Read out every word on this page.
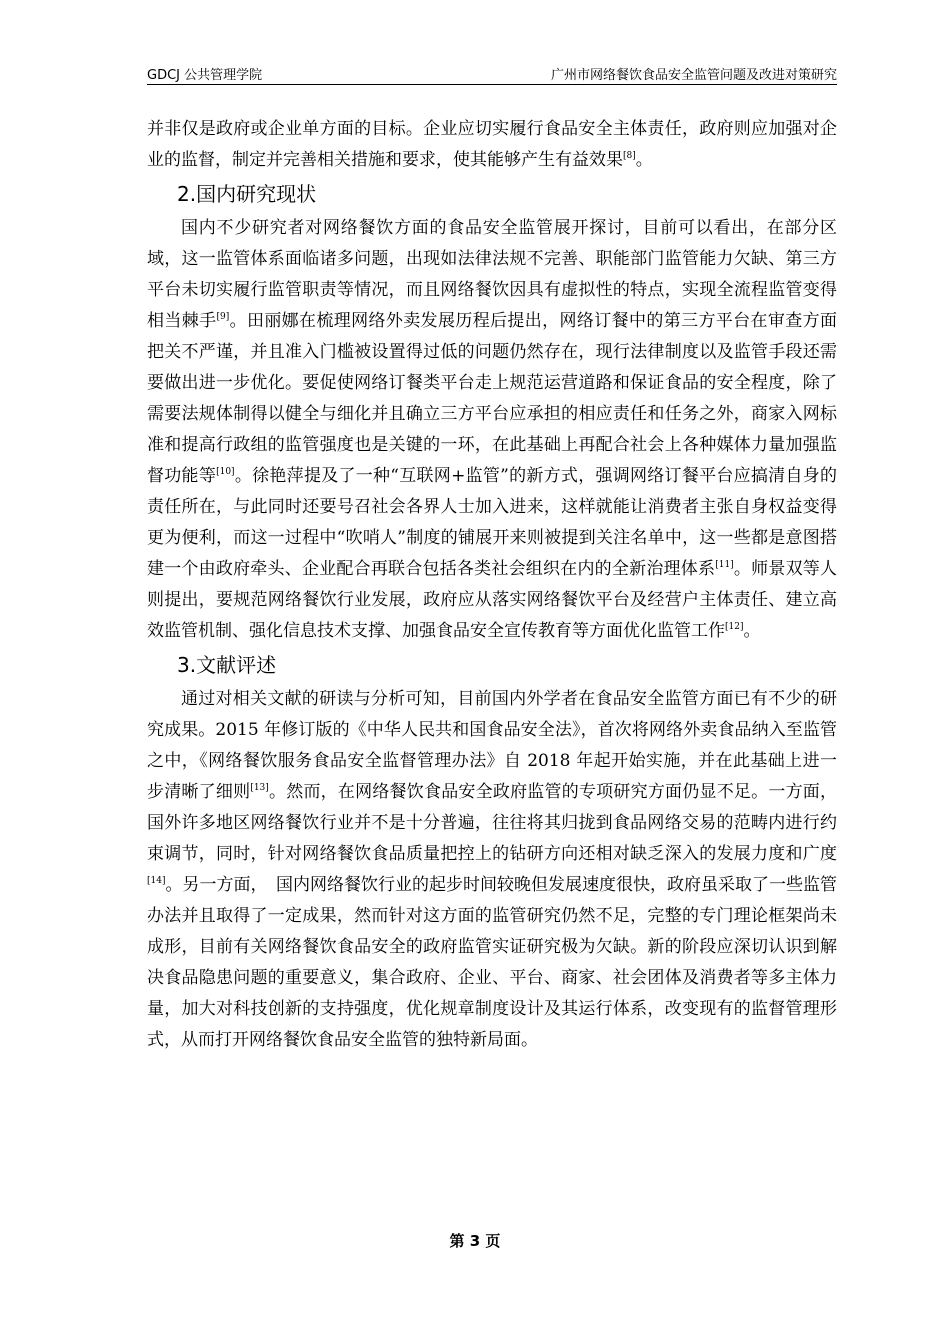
GDCJ 公共管理学院	广州市网络餐饮食品安全监管问题及改进对策研究

并非仅是政府或企业单方面的目标。企业应切实履行食品安全主体责任，政府则应加强对企业的监督，制定并完善相关措施和要求，使其能够产生有益效果[8]。

2.国内研究现状

国内不少研究者对网络餐饮方面的食品安全监管展开探讨，目前可以看出，在部分区域，这一监管体系面临诸多问题，出现如法律法规不完善、职能部门监管能力欠缺、第三方平台未切实履行监管职责等情况，而且网络餐饮因具有虚拟性的特点，实现全流程监管变得相当棘手[9]。田丽娜在梳理网络外卖发展历程后提出，网络订餐中的第三方平台在审查方面把关不严谨，并且准入门槛被设置得过低的问题仍然存在，现行法律制度以及监管手段还需要做出进一步优化。要促使网络订餐类平台走上规范运营道路和保证食品的安全程度，除了需要法规体制得以健全与细化并且确立三方平台应承担的相应责任和任务之外，商家入网标准和提高行政组的监管强度也是关键的一环，在此基础上再配合社会上各种媒体力量加强监督功能等[10]。徐艳萍提及了一种“互联网+监管”的新方式，强调网络订餐平台应搞清自身的责任所在，与此同时还要号召社会各界人士加入进来，这样就能让消费者主张自身权益变得更为便利，而这一过程中“吹哨人”制度的铺展开来则被提到关注名单中，这一些都是意图搭建一个由政府牵头、企业配合再联合包括各类社会组织在内的全新治理体系[11]。师景双等人则提出，要规范网络餐饮行业发展，政府应从落实网络餐饮平台及经营户主体责任、建立高效监管机制、强化信息技术支撑、加强食品安全宣传教育等方面优化监管工作[12]。

3.文献评述

通过对相关文献的研读与分析可知，目前国内外学者在食品安全监管方面已有不少的研究成果。2015 年修订版的《中华人民共和国食品安全法》，首次将网络外卖食品纳入至监管之中，《网络餐饮服务食品安全监督管理办法》自 2018 年起开始实施，并在此基础上进一步清晰了细则[13]。然而，在网络餐饮食品安全政府监管的专项研究方面仍显不足。一方面，国外许多地区网络餐饮行业并不是十分普遍，往往将其归拢到食品网络交易的范畴内进行约束调节，同时，针对网络餐饮食品质量把控上的钻研方向还相对缺乏深入的发展力度和广度[14]。另一方面，　国内网络餐饮行业的起步时间较晚但发展速度很快，政府虽采取了一些监管办法并且取得了一定成果，然而针对这方面的监管研究仍然不足，完整的专门理论框架尚未成形，目前有关网络餐饮食品安全的政府监管实证研究极为欠缺。新的阶段应深切认识到解决食品隐患问题的重要意义，集合政府、企业、平台、商家、社会团体及消费者等多主体力量，加大对科技创新的支持强度，优化规章制度设计及其运行体系，改变现有的监督管理形式，从而打开网络餐饮食品安全监管的独特新局面。

第 3 页
